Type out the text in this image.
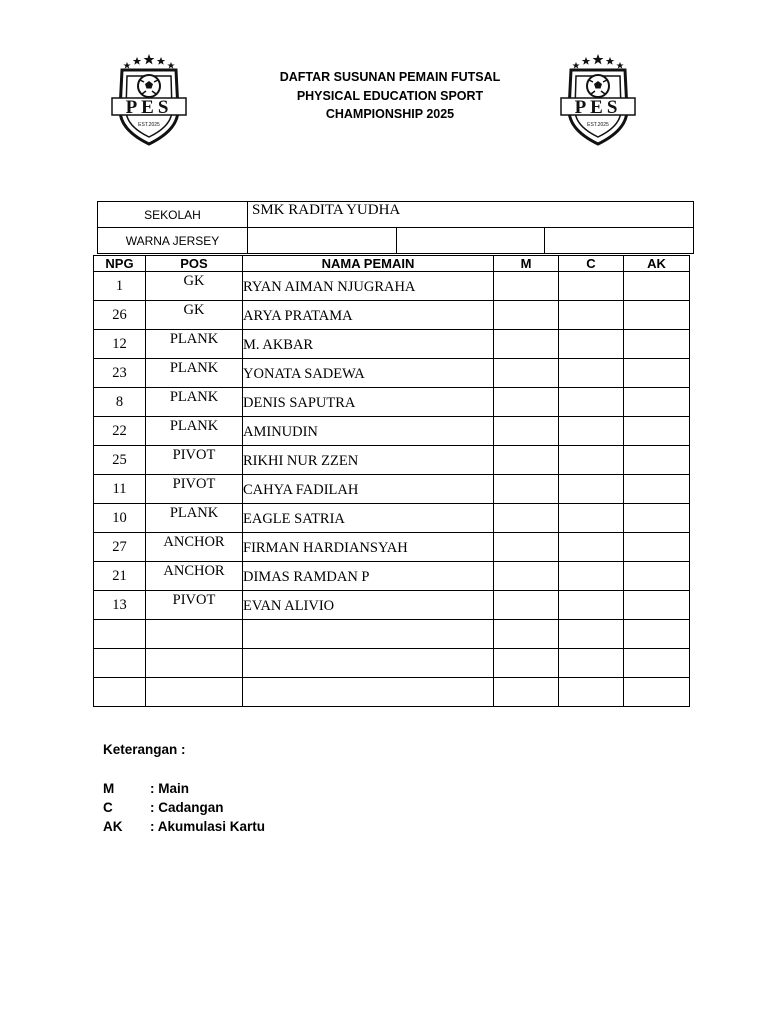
PES
EST.2025
PES
EST.2025
DAFTAR SUSUNAN PEMAIN FUTSAL
PHYSICAL EDUCATION SPORT
CHAMPIONSHIP 2025
SEKOLAH	SMK RADITA YUDHA		
WARNA JERSEY			
NPG	POS	NAMA PEMAIN	M	C	AK
1	GK	RYAN AIMAN NJUGRAHA			
26	GK	ARYA PRATAMA			
12	PLANK	M. AKBAR			
23	PLANK	YONATA SADEWA			
8	PLANK	DENIS SAPUTRA			
22	PLANK	AMINUDIN			
25	PIVOT	RIKHI NUR ZZEN			
11	PIVOT	CAHYA FADILAH			
10	PLANK	EAGLE SATRIA			
27	ANCHOR	FIRMAN HARDIANSYAH			
21	ANCHOR	DIMAS RAMDAN P			
13	PIVOT	EVAN ALIVIO			

Keterangan :
M	: Main
C	: Cadangan
AK	: Akumulasi Kartu
